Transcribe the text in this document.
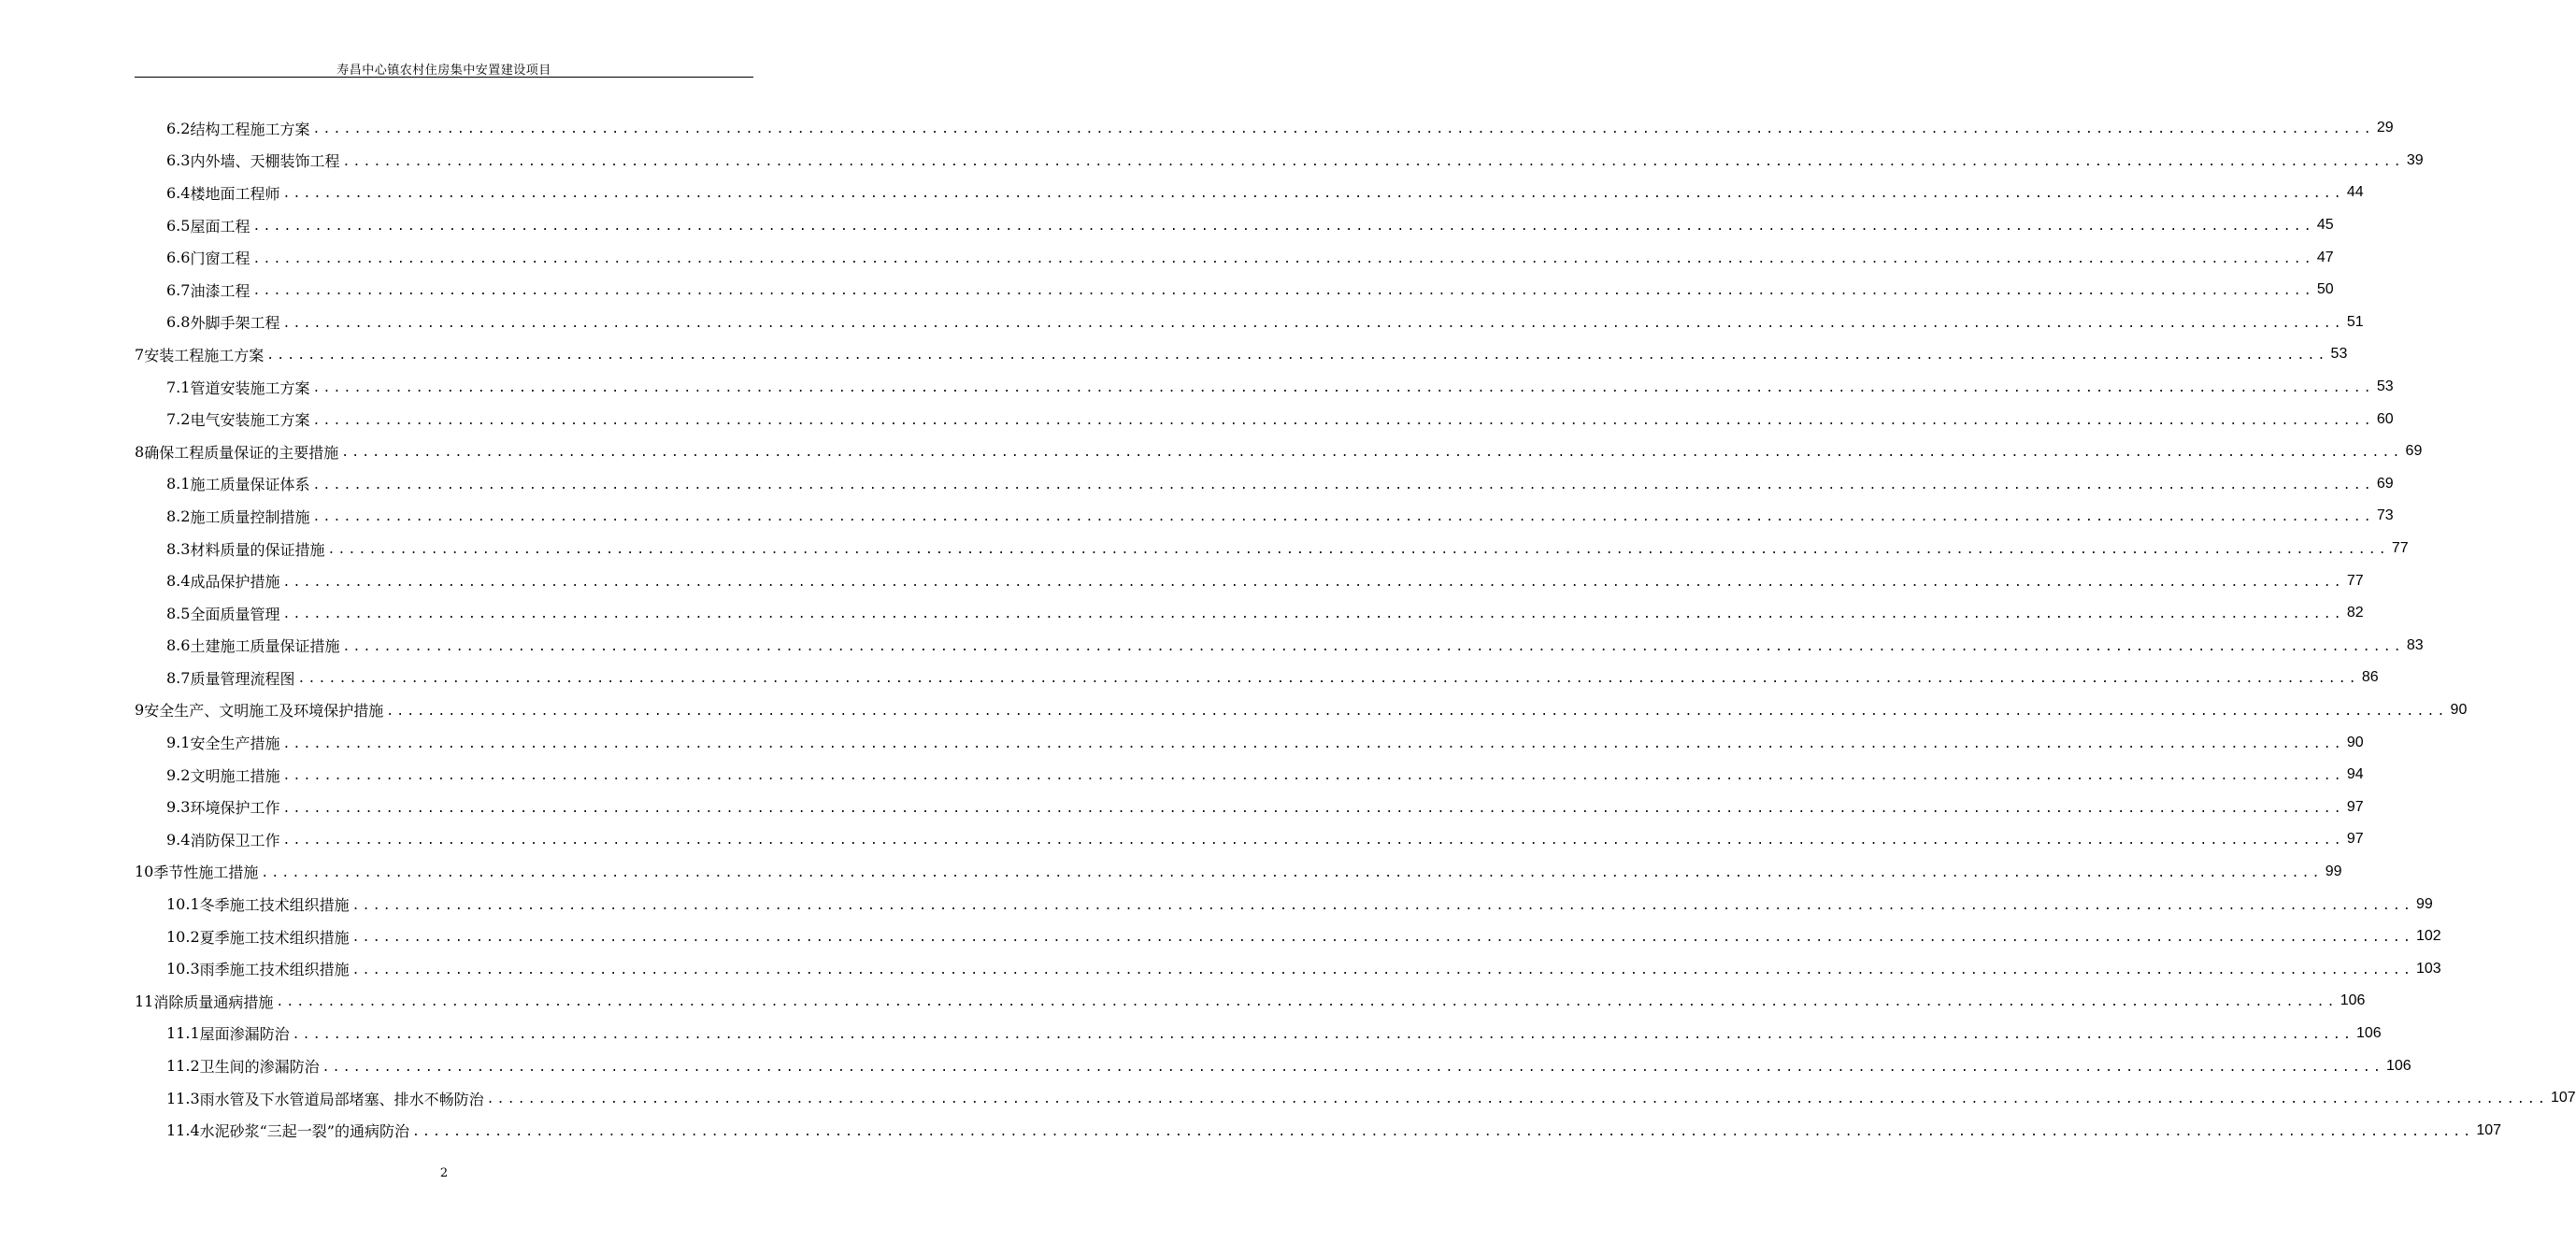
寿昌中心镇农村住房集中安置建设项目
6.2 结构工程施工方案 ........................................................................................................................................................................................................ 29
6.3 内外墙、天棚装饰工程 ........................................................................................................................................................................................................ 39
6.4 楼地面工程师 ........................................................................................................................................................................................................ 44
6.5 屋面工程 ........................................................................................................................................................................................................ 45
6.6 门窗工程 ........................................................................................................................................................................................................ 47
6.7 油漆工程 ........................................................................................................................................................................................................ 50
6.8 外脚手架工程 ........................................................................................................................................................................................................ 51
7 安装工程施工方案 ........................................................................................................................................................................................................ 53
7.1 管道安装施工方案 ........................................................................................................................................................................................................ 53
7.2 电气安装施工方案 ........................................................................................................................................................................................................ 60
8 确保工程质量保证的主要措施 ........................................................................................................................................................................................................ 69
8.1 施工质量保证体系 ........................................................................................................................................................................................................ 69
8.2 施工质量控制措施 ........................................................................................................................................................................................................ 73
8.3 材料质量的保证措施 ........................................................................................................................................................................................................ 77
8.4 成品保护措施 ........................................................................................................................................................................................................ 77
8.5 全面质量管理 ........................................................................................................................................................................................................ 82
8.6 土建施工质量保证措施 ........................................................................................................................................................................................................ 83
8.7 质量管理流程图 ........................................................................................................................................................................................................ 86
9 安全生产、文明施工及环境保护措施 ........................................................................................................................................................................................................ 90
9.1 安全生产措施 ........................................................................................................................................................................................................ 90
9.2 文明施工措施 ........................................................................................................................................................................................................ 94
9.3 环境保护工作 ........................................................................................................................................................................................................ 97
9.4 消防保卫工作 ........................................................................................................................................................................................................ 97
10 季节性施工措施 ........................................................................................................................................................................................................ 99
10.1 冬季施工技术组织措施 ........................................................................................................................................................................................................ 99
10.2 夏季施工技术组织措施 ........................................................................................................................................................................................................ 102
10.3 雨季施工技术组织措施 ........................................................................................................................................................................................................ 103
11 消除质量通病措施 ........................................................................................................................................................................................................ 106
11.1 屋面渗漏防治 ........................................................................................................................................................................................................ 106
11.2 卫生间的渗漏防治 ........................................................................................................................................................................................................ 106
11.3 雨水管及下水管道局部堵塞、排水不畅防治 ........................................................................................................................................................................................................ 107
11.4 水泥砂浆“三起一裂”的通病防治 ........................................................................................................................................................................................................ 107
2
